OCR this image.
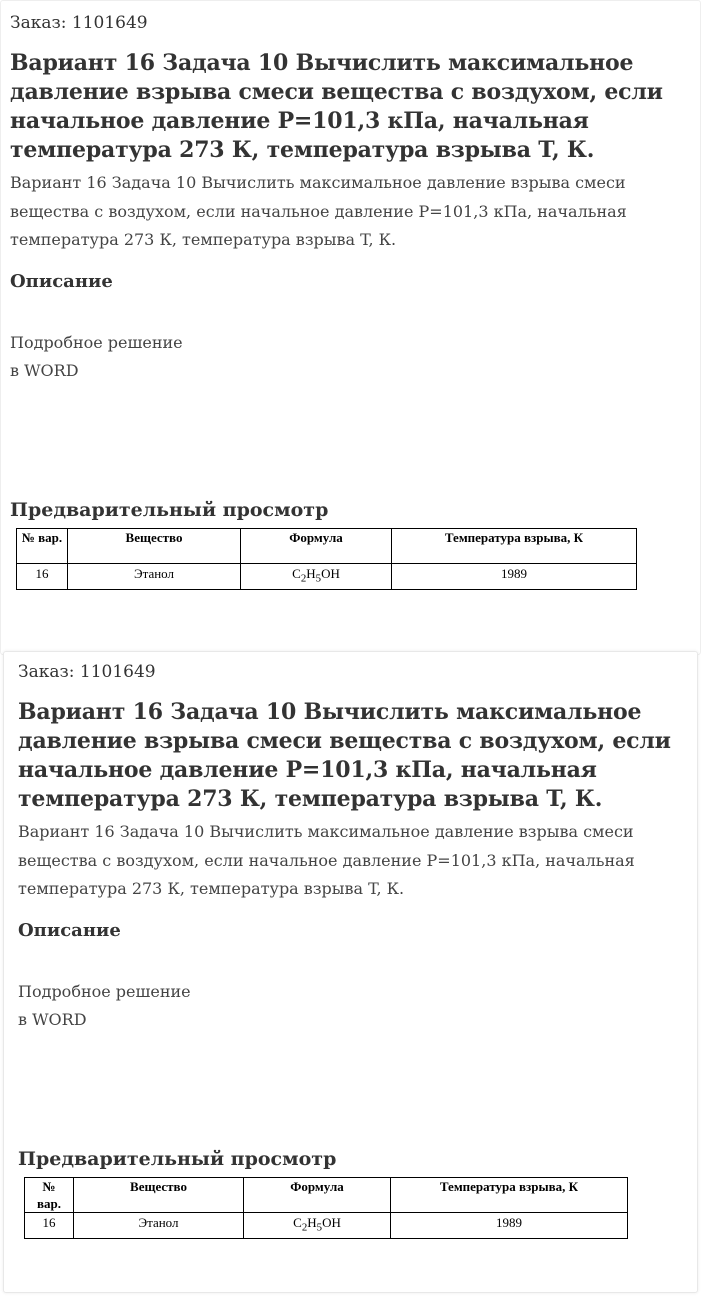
Заказ: 1101649
Вариант 16 Задача 10 Вычислить максимальное давление взрыва смеси вещества с воздухом, если начальное давление P=101,3 кПа, начальная температура 273 К, температура взрыва T, К.
Вариант 16 Задача 10 Вычислить максимальное давление взрыва смеси вещества с воздухом, если начальное давление P=101,3 кПа, начальная температура 273 К, температура взрыва T, К.
Описание
Подробное решение
в WORD
Предварительный просмотр
№ вар.	Вещество	Формула	Температура взрыва, К
16	Этанол	$C_2H_5OH$	1989
Заказ: 1101649
Вариант 16 Задача 10 Вычислить максимальное давление взрыва смеси вещества с воздухом, если начальное давление P=101,3 кПа, начальная температура 273 К, температура взрыва T, К.
Вариант 16 Задача 10 Вычислить максимальное давление взрыва смеси вещества с воздухом, если начальное давление P=101,3 кПа, начальная температура 273 К, температура взрыва T, К.
Описание
Подробное решение
в WORD
Предварительный просмотр
№ вар.	Вещество	Формула	Температура взрыва, К
16	Этанол	$C_2H_5OH$	1989
